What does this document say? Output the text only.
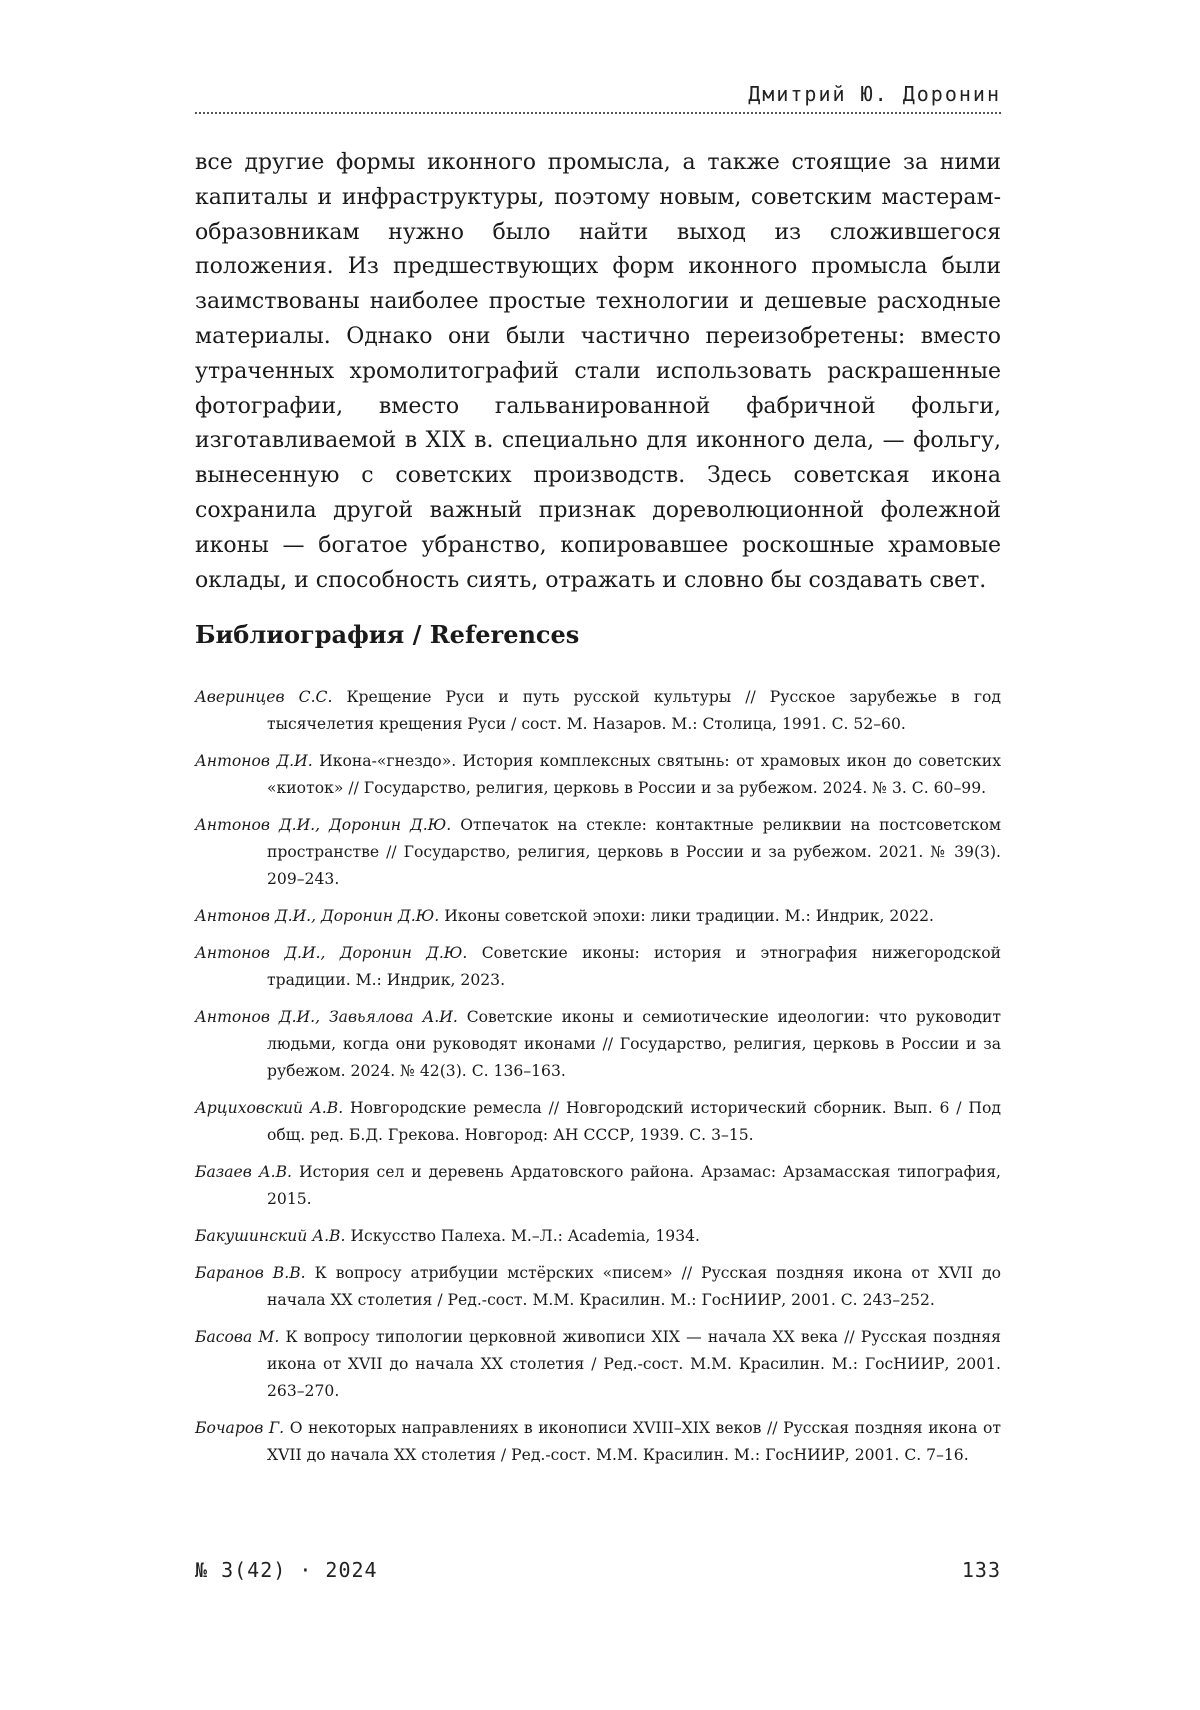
Дмитрий Ю. Доронин

все другие формы иконного промысла, а также стоящие за ними капиталы и инфраструктуры, поэтому новым, советским мастерам-образовникам нужно было найти выход из сложившегося положения. Из предшествующих форм иконного промысла были заимствованы наиболее простые технологии и дешевые расходные материалы. Однако они были частично переизобретены: вместо утраченных хромолитографий стали использовать раскрашенные фотографии, вместо гальванированной фабричной фольги, изготавливаемой в XIX в. специально для иконного дела, — фольгу, вынесенную с советских производств. Здесь советская икона сохранила другой важный признак дореволюционной фолежной иконы — богатое убранство, копировавшее роскошные храмовые оклады, и способность сиять, отражать и словно бы создавать свет.

Библиография / References
Аверинцев С.С. Крещение Руси и путь русской культуры // Русское зарубежье в год тысячелетия крещения Руси / сост. М. Назаров. М.: Столица, 1991. С. 52–60.
Антонов Д.И. Икона-«гнездо». История комплексных святынь: от храмовых икон до советских «киоток» // Государство, религия, церковь в России и за рубежом. 2024. № 3. С. 60–99.
Антонов Д.И., Доронин Д.Ю. Отпечаток на стекле: контактные реликвии на постсоветском пространстве // Государство, религия, церковь в России и за рубежом. 2021. № 39(3). 209–243.
Антонов Д.И., Доронин Д.Ю. Иконы советской эпохи: лики традиции. М.: Индрик, 2022.
Антонов Д.И., Доронин Д.Ю. Советские иконы: история и этнография нижегородской традиции. М.: Индрик, 2023.
Антонов Д.И., Завьялова А.И. Советские иконы и семиотические идеологии: что руководит людьми, когда они руководят иконами // Государство, религия, церковь в России и за рубежом. 2024. № 42(3). С. 136–163.
Арциховский А.В. Новгородские ремесла // Новгородский исторический сборник. Вып. 6 / Под общ. ред. Б.Д. Грекова. Новгород: АН СССР, 1939. С. 3–15.
Базаев А.В. История сел и деревень Ардатовского района. Арзамас: Арзамасская типография, 2015.
Бакушинский А.В. Искусство Палеха. М.–Л.: Academia, 1934.
Баранов В.В. К вопросу атрибуции мстёрских «писем» // Русская поздняя икона от XVII до начала XX столетия / Ред.-сост. М.М. Красилин. М.: ГосНИИР, 2001. С. 243–252.
Басова М. К вопросу типологии церковной живописи XIX — начала XX века // Русская поздняя икона от XVII до начала XX столетия / Ред.-сост. М.М. Красилин. М.: ГосНИИР, 2001. 263–270.
Бочаров Г. О некоторых направлениях в иконописи XVIII–XIX веков // Русская поздняя икона от XVII до начала XX столетия / Ред.-сост. М.М. Красилин. М.: ГосНИИР, 2001. С. 7–16.
№ 3(42) · 2024	133
